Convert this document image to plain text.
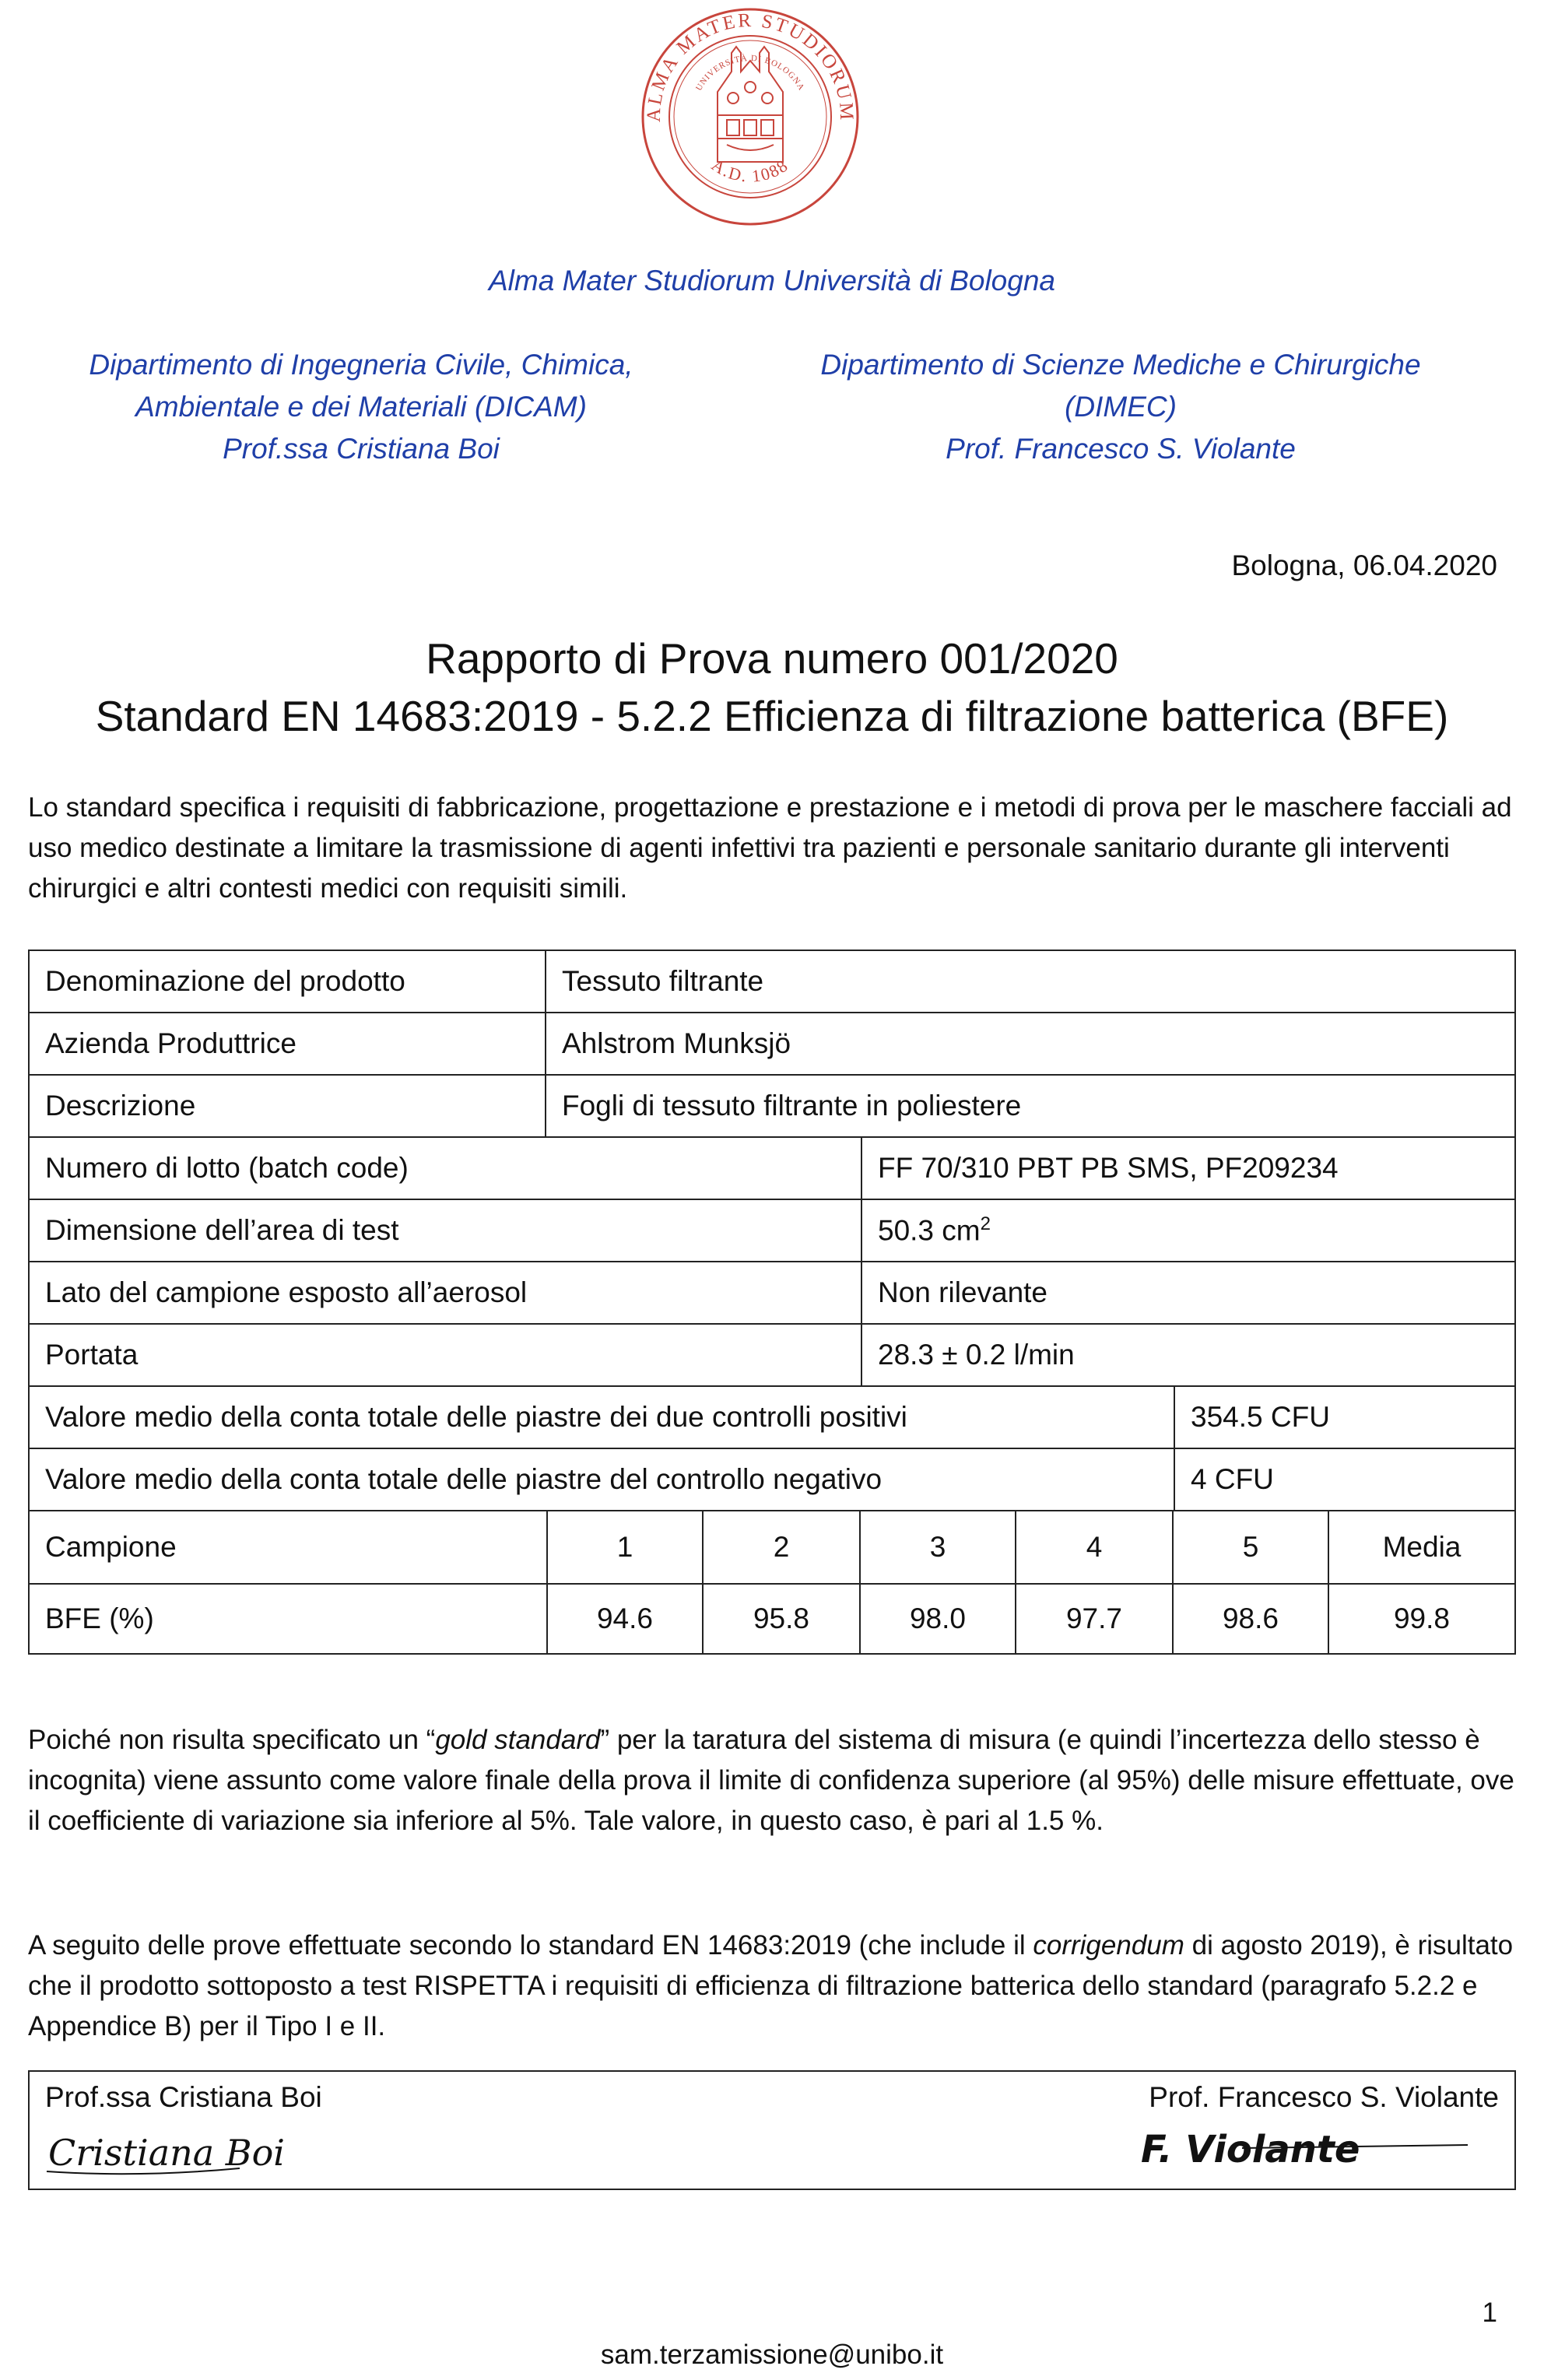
ALMA MATER STUDIORUM
UNIVERSITÀ DI BOLOGNA
A.D. 1088
Alma Mater Studiorum Università di Bologna
Dipartimento di Ingegneria Civile, Chimica,
Ambientale e dei Materiali (DICAM)
Prof.ssa Cristiana Boi
Dipartimento di Scienze Mediche e Chirurgiche
(DIMEC)
Prof. Francesco S. Violante
Bologna, 06.04.2020
Rapporto di Prova numero 001/2020
Standard EN 14683:2019 - 5.2.2 Efficienza di filtrazione batterica (BFE)
Lo standard specifica i requisiti di fabbricazione, progettazione e prestazione e i metodi di prova per le maschere facciali ad uso medico destinate a limitare la trasmissione di agenti infettivi tra pazienti e personale sanitario durante gli interventi chirurgici e altri contesti medici con requisiti simili.
Denominazione del prodotto	Tessuto filtrante
Azienda Produttrice	Ahlstrom Munksjö
Descrizione	Fogli di tessuto filtrante in poliestere
Numero di lotto (batch code)	FF 70/310 PBT PB SMS, PF209234
Dimensione dell’area di test	50.3 $cm^2$
Lato del campione esposto all’aerosol	Non rilevante
Portata	28.3 ± 0.2 l/min
Valore medio della conta totale delle piastre dei due controlli positivi	354.5 CFU
Valore medio della conta totale delle piastre del controllo negativo	4 CFU
Campione	1	2	3	4	5	Media
BFE (%)	94.6	95.8	98.0	97.7	98.6	99.8
Poiché non risulta specificato un “gold standard” per la taratura del sistema di misura (e quindi l’incertezza dello stesso è incognita) viene assunto come valore finale della prova il limite di confidenza superiore (al 95%) delle misure effettuate, ove il coefficiente di variazione sia inferiore al 5%. Tale valore, in questo caso, è pari al 1.5 %.
A seguito delle prove effettuate secondo lo standard EN 14683:2019 (che include il corrigendum di agosto 2019), è risultato che il prodotto sottoposto a test RISPETTA i requisiti di efficienza di filtrazione batterica dello standard (paragrafo 5.2.2 e Appendice B) per il Tipo I e II.
Prof.ssa Cristiana Boi	Prof. Francesco S. Violante
Cristiana Boi	F. Violante
1
sam.terzamissione@unibo.it
